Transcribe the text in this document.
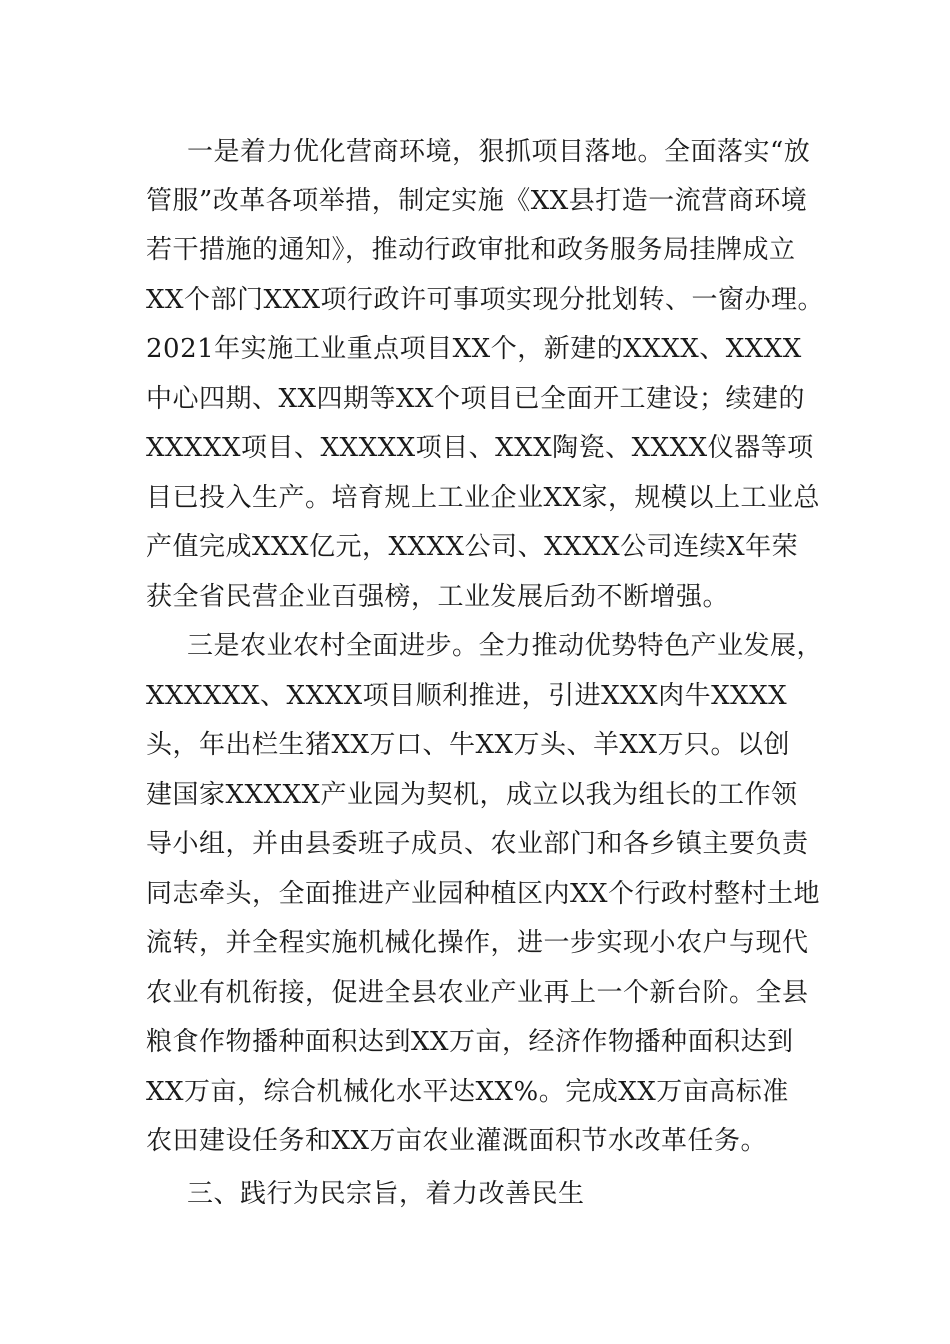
一是着力优化营商环境，狠抓项目落地。全面落实“放
管服”改革各项举措，制定实施《XX县打造一流营商环境
若干措施的通知》，推动行政审批和政务服务局挂牌成立
XX个部门XXX项行政许可事项实现分批划转、一窗办理。
2021年实施工业重点项目XX个，新建的XXXX、XXXX
中心四期、XX四期等XX个项目已全面开工建设；续建的
XXXXX项目、XXXXX项目、XXX陶瓷、XXXX仪器等项
目已投入生产。培育规上工业企业XX家，规模以上工业总
产值完成XXX亿元，XXXX公司、XXXX公司连续X年荣
获全省民营企业百强榜，工业发展后劲不断增强。
三是农业农村全面进步。全力推动优势特色产业发展，
XXXXXX、XXXX项目顺利推进，引进XXX肉牛XXXX
头，年出栏生猪XX万口、牛XX万头、羊XX万只。以创
建国家XXXXX产业园为契机，成立以我为组长的工作领
导小组，并由县委班子成员、农业部门和各乡镇主要负责
同志牵头，全面推进产业园种植区内XX个行政村整村土地
流转，并全程实施机械化操作，进一步实现小农户与现代
农业有机衔接，促进全县农业产业再上一个新台阶。全县
粮食作物播种面积达到XX万亩，经济作物播种面积达到
XX万亩，综合机械化水平达XX%。完成XX万亩高标准
农田建设任务和XX万亩农业灌溉面积节水改革任务。
三、践行为民宗旨，着力改善民生
